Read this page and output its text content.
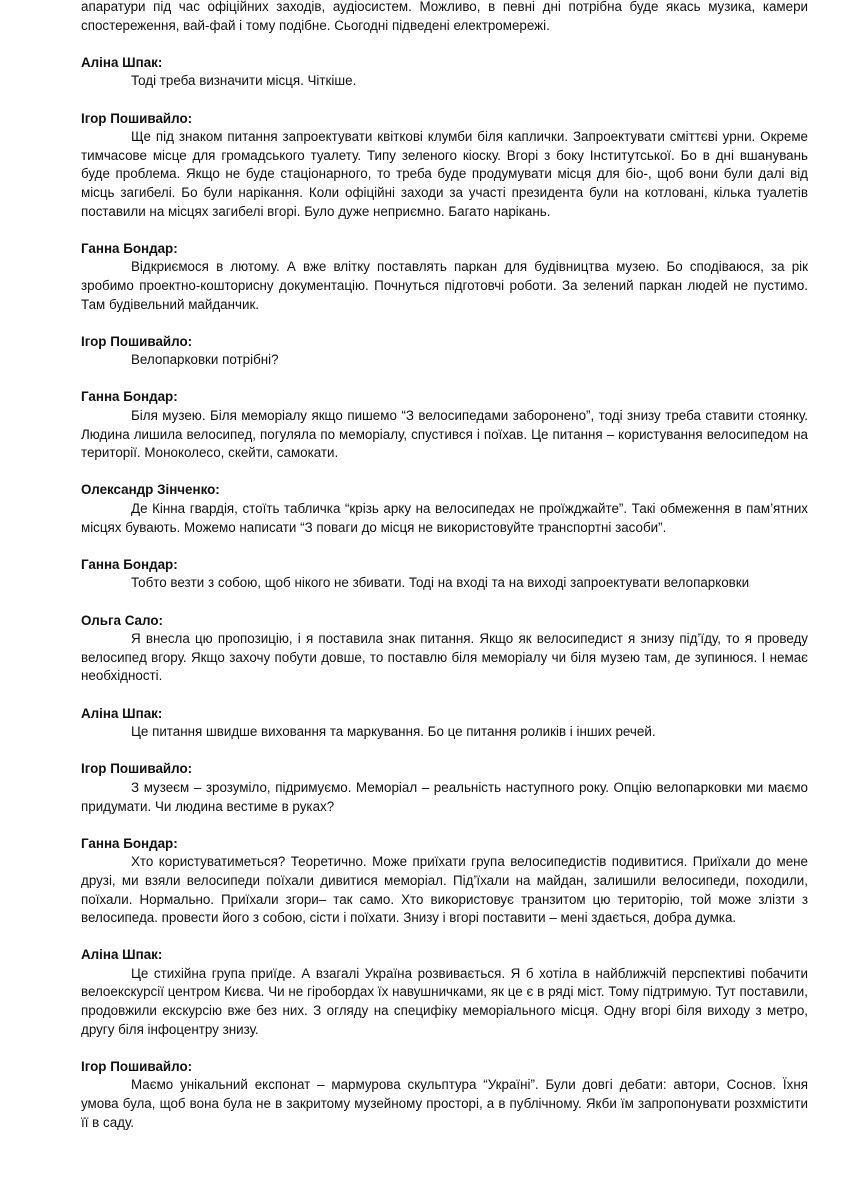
апаратури під час офіційних заходів, аудіосистем. Можливо, в певні дні потрібна буде якась музика, камери спостереження, вай-фай і тому подібне. Сьогодні підведені електромережі.

Аліна Шпак:

Тоді треба визначити місця. Чіткіше.

Ігор Пошивайло:

Ще під знаком питання запроектувати квіткові клумби біля каплички. Запроектувати сміттєві урни. Окреме тимчасове місце для громадського туалету. Типу зеленого кіоску. Вгорі з боку Інститутської. Бо в дні вшанувань буде проблема. Якщо не буде стаціонарного, то треба буде продумувати місця для біо-, щоб вони були далі від місць загибелі. Бо були нарікання. Коли офіційні заходи за участі президента були на котловані, кілька туалетів поставили на місцях загибелі вгорі. Було дуже неприємно. Багато нарікань.

Ганна Бондар:

Відкриємося в лютому. А вже влітку поставлять паркан для будівництва музею. Бо сподіваюся, за рік зробимо проектно-кошторисну документацію. Почнуться підготовчі роботи. За зелений паркан людей не пустимо. Там будівельний майданчик.

Ігор Пошивайло:

Велопарковки потрібні?

Ганна Бондар:

Біля музею. Біля меморіалу якщо пишемо “З велосипедами заборонено”, тоді знизу треба ставити стоянку. Людина лишила велосипед, погуляла по меморіалу, спустився і поїхав. Це питання – користування велосипедом на території. Моноколесо, скейти, самокати.

Олександр Зінченко:

Де Кінна гвардія, стоїть табличка “крізь арку на велосипедах не проїжджайте”. Такі обмеження в пам’ятних місцях бувають. Можемо написати “З поваги до місця не використовуйте транспортні засоби”.

Ганна Бондар:

Тобто везти з собою, щоб нікого не збивати. Тоді на вході та на виході запроектувати велопарковки

Ольга Сало:

Я внесла цю пропозицію, і я поставила знак питання. Якщо як велосипедист я знизу під’їду, то я проведу велосипед вгору. Якщо захочу побути довше, то поставлю біля меморіалу чи біля музею там, де зупинюся. І немає необхідності.

Аліна Шпак:

Це питання швидше виховання та маркування. Бо це питання роликів і інших речей.

Ігор Пошивайло:

З музеєм – зрозуміло, підримуємо. Меморіал – реальність наступного року. Опцію велопарковки ми маємо придумати. Чи людина вестиме в руках?

Ганна Бондар:

Хто користуватиметься? Теоретично. Може приїхати група велосипедистів подивитися. Приїхали до мене друзі, ми взяли велосипеди поїхали дивитися меморіал. Під’їхали на майдан, залишили велосипеди, походили, поїхали. Нормально. Приїхали згори– так само. Хто використовує транзитом цю територію, той може злізти з велосипеда. провести його з собою, сісти і поїхати. Знизу і вгорі поставити – мені здається, добра думка.

Аліна Шпак:

Це стихійна група приїде. А взагалі Україна розвивається. Я б хотіла в найближчій перспективі побачити велоекскурсії центром Києва. Чи не гіробордах їх навушничками, як це є в ряді міст. Тому підтримую. Тут поставили, продовжили екскурсію вже без них. З огляду на специфіку меморіального місця. Одну вгорі біля виходу з метро, другу біля інфоцентру знизу.

Ігор Пошивайло:

Маємо унікальний експонат – мармурова скульптура “Україні”. Були довгі дебати: автори, Соснов. Їхня умова була, щоб вона була не в закритому музейному просторі, а в публічному. Якби їм запропонувати розхмістити її в саду.
